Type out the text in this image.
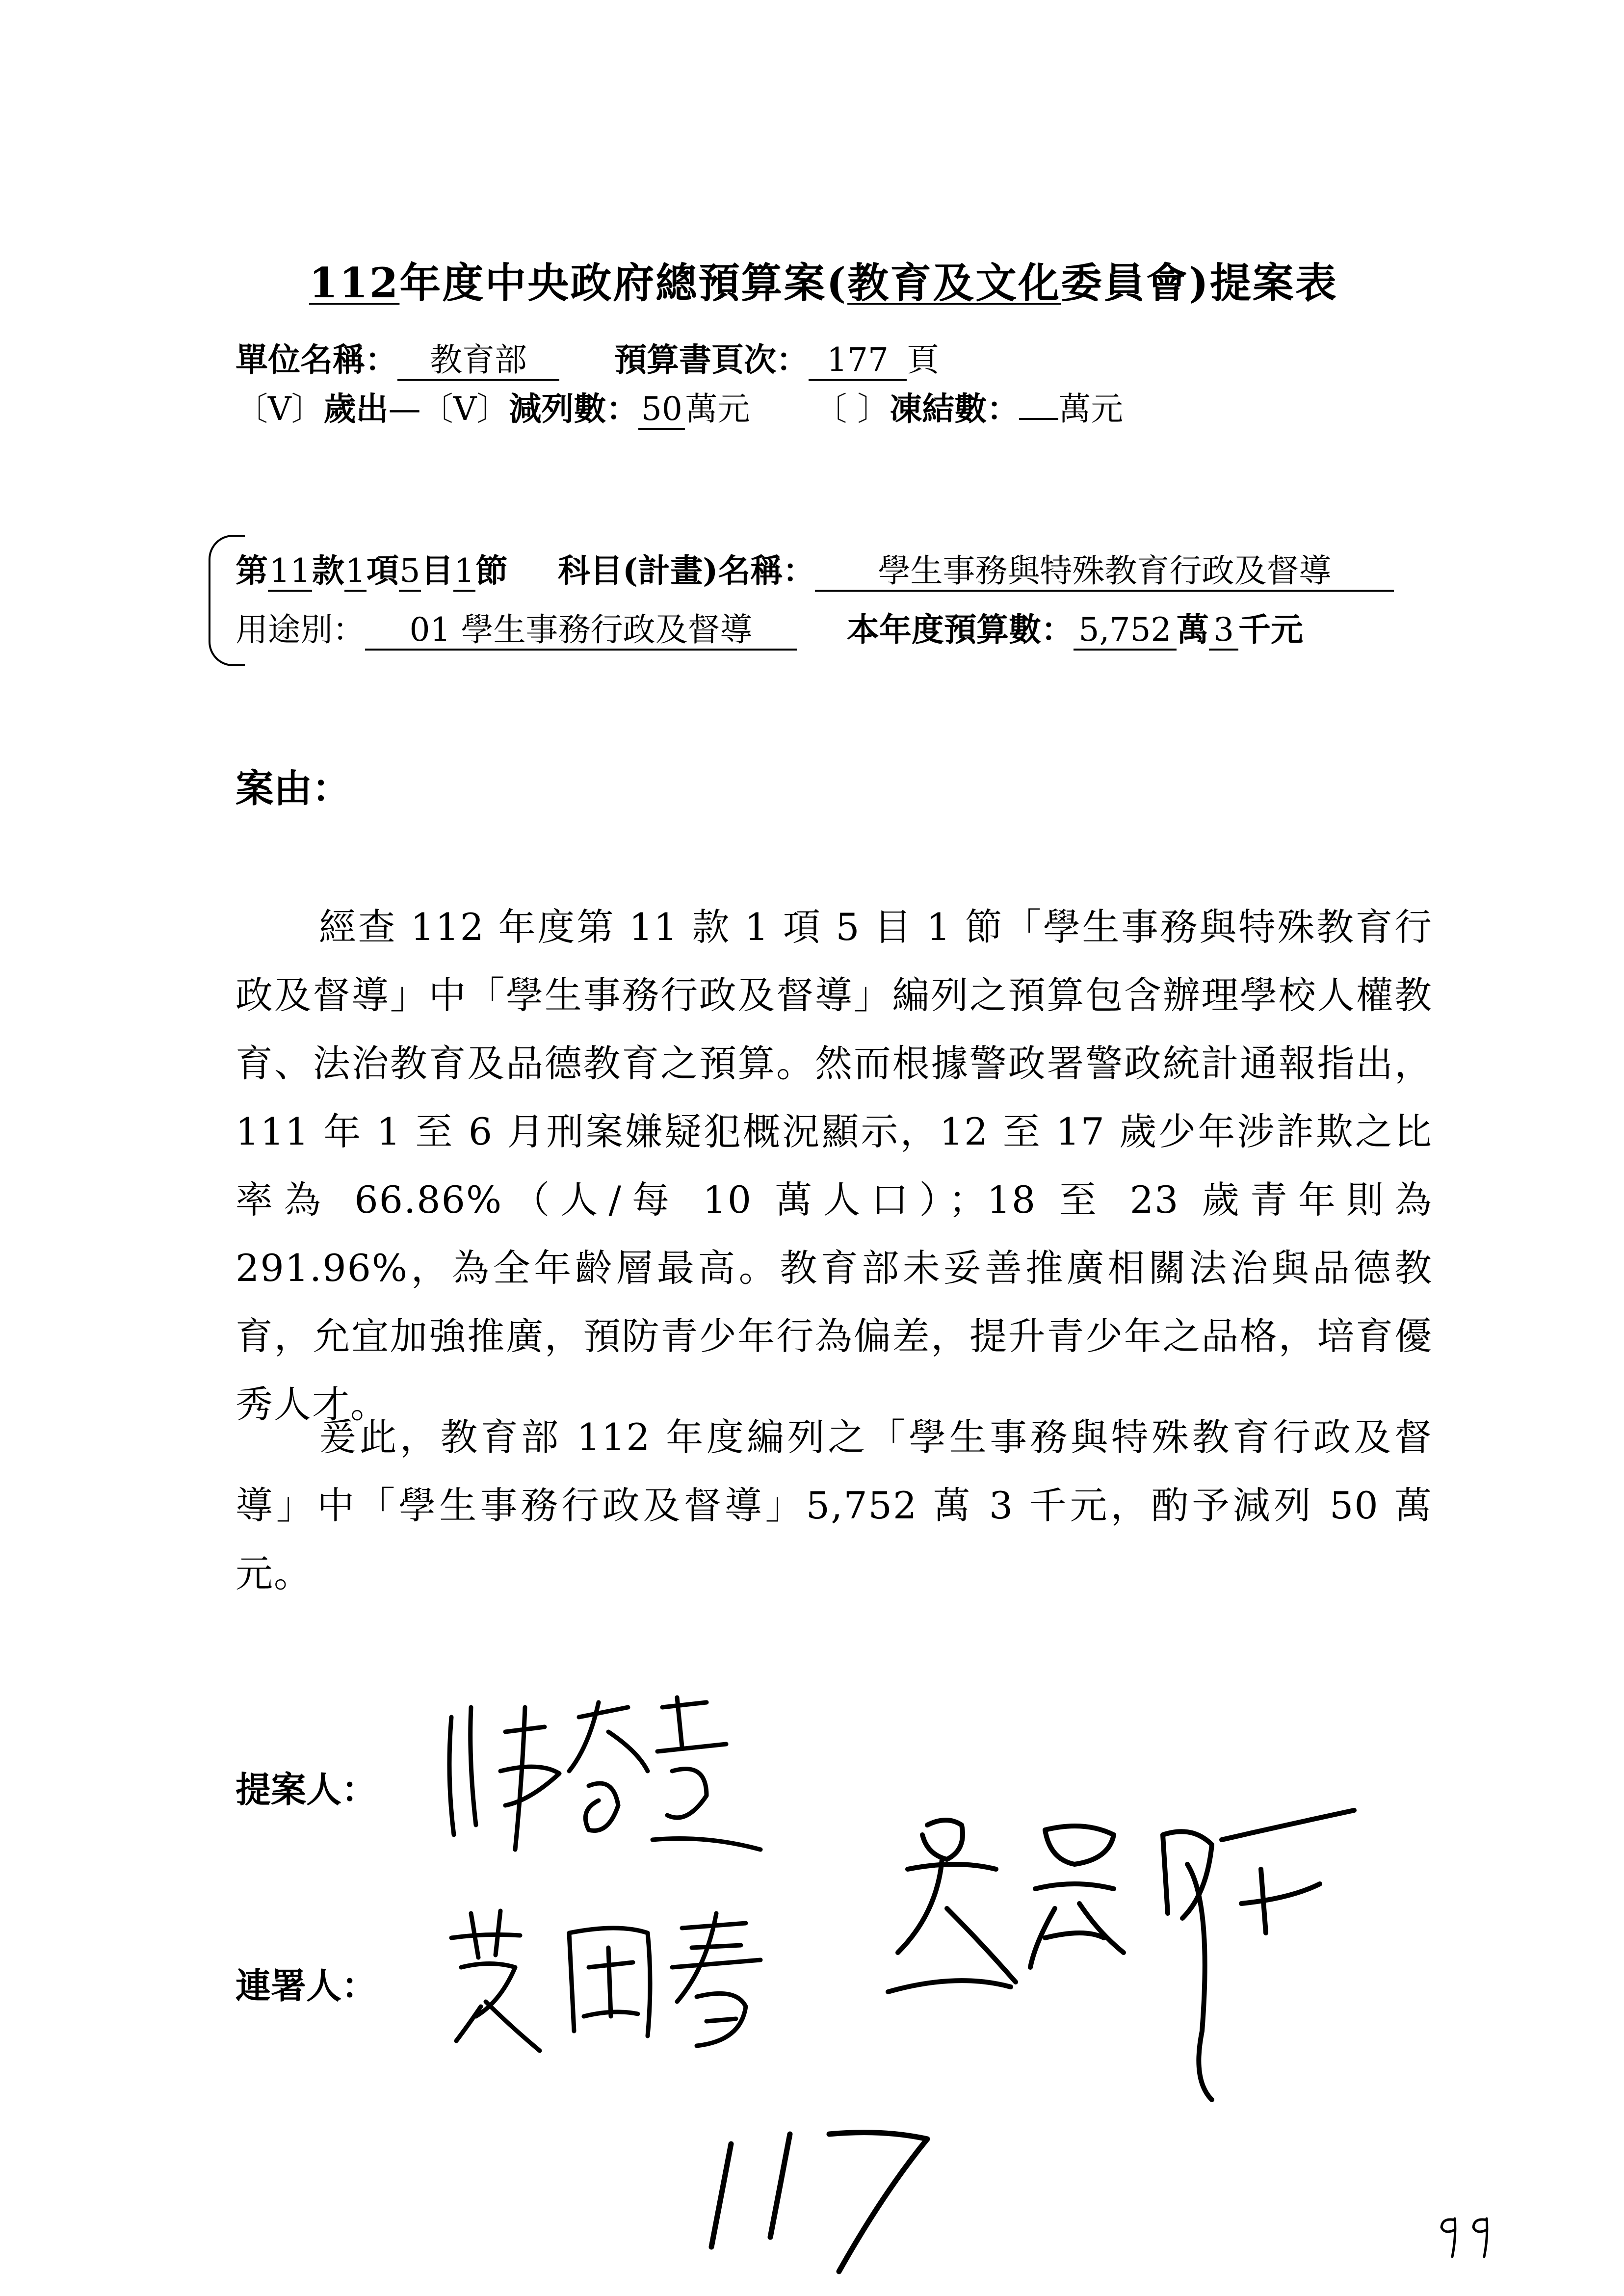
112年度中央政府總預算案(教育及文化委員會)提案表
單位名稱： 教育部	預算書頁次： 177 頁
〔V〕歲出—〔V〕減列數：50萬元 〔 〕凍結數： 萬元
第11款1項5目1節 科目(計畫)名稱： 學生事務與特殊教育行政及督導
用途別： 01 學生事務行政及督導	本年度預算數： 5,752 萬 3 千元
案由：
經查 112 年度第 11 款 1 項 5 目 1 節「學生事務與特殊教育行政及督導」中「學生事務行政及督導」編列之預算包含辦理學校人權教育、法治教育及品德教育之預算。然而根據警政署警政統計通報指出，111 年 1 至 6 月刑案嫌疑犯概況顯示，12 至 17 歲少年涉詐欺之比率為 66.86%（人/每 10 萬人口）；18 至 23 歲青年則為 291.96%，為全年齡層最高。教育部未妥善推廣相關法治與品德教育，允宜加強推廣，預防青少年行為偏差，提升青少年之品格，培育優秀人才。
爰此，教育部 112 年度編列之「學生事務與特殊教育行政及督導」中「學生事務行政及督導」5,752 萬 3 千元，酌予減列 50 萬元。
提案人：
連署人：
